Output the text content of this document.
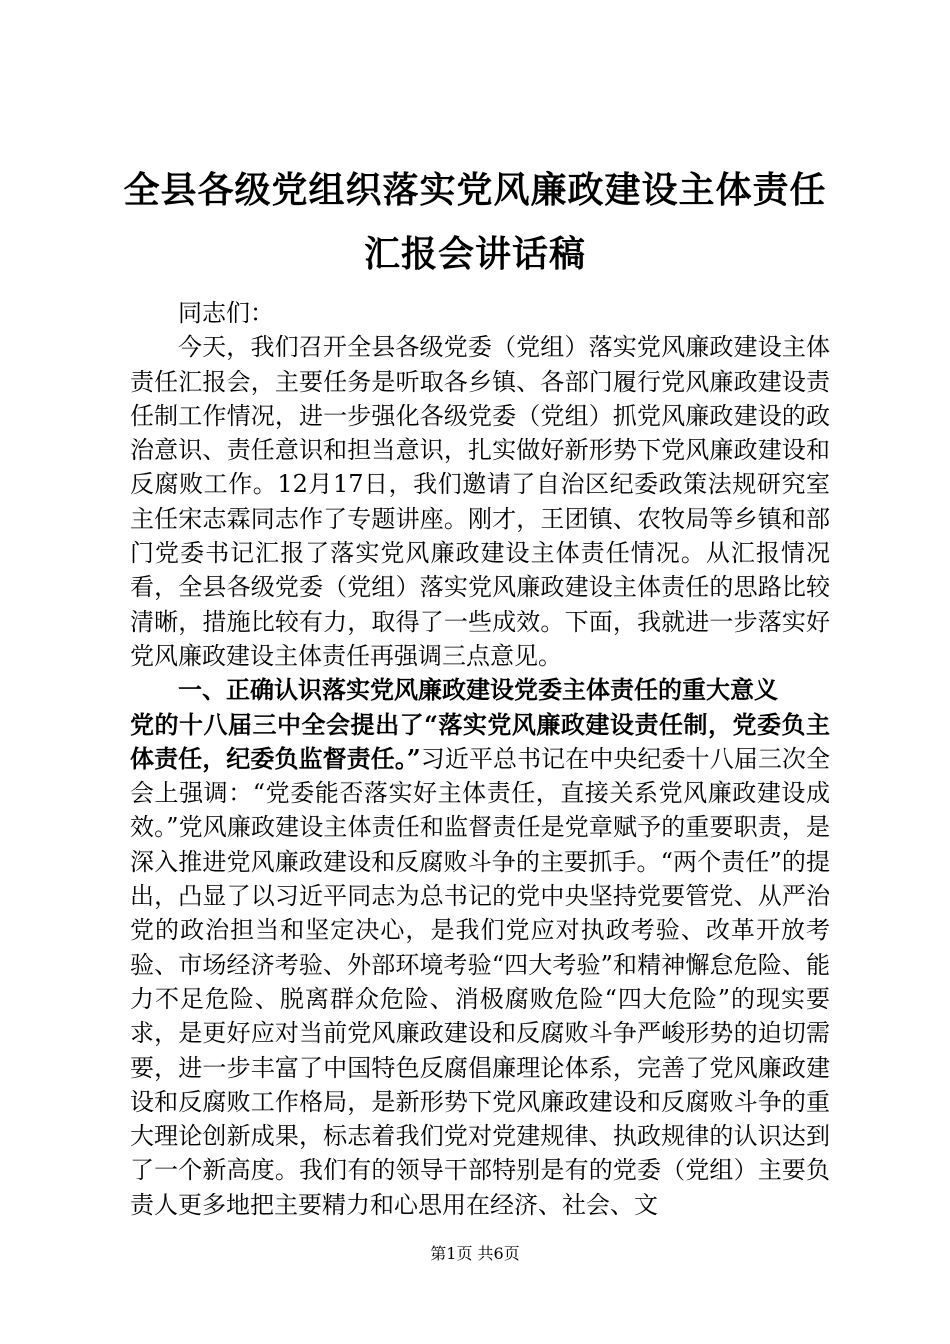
全县各级党组织落实党风廉政建设主体责任汇报会讲话稿

同志们：

今天，我们召开全县各级党委（党组）落实党风廉政建设主体责任汇报会，主要任务是听取各乡镇、各部门履行党风廉政建设责任制工作情况，进一步强化各级党委（党组）抓党风廉政建设的政治意识、责任意识和担当意识，扎实做好新形势下党风廉政建设和反腐败工作。12月17日，我们邀请了自治区纪委政策法规研究室主任宋志霖同志作了专题讲座。刚才，王团镇、农牧局等乡镇和部门党委书记汇报了落实党风廉政建设主体责任情况。从汇报情况看，全县各级党委（党组）落实党风廉政建设主体责任的思路比较清晰，措施比较有力，取得了一些成效。下面，我就进一步落实好党风廉政建设主体责任再强调三点意见。

一、正确认识落实党风廉政建设党委主体责任的重大意义

党的十八届三中全会提出了“落实党风廉政建设责任制，党委负主体责任，纪委负监督责任。”习近平总书记在中央纪委十八届三次全会上强调：“党委能否落实好主体责任，直接关系党风廉政建设成效。”党风廉政建设主体责任和监督责任是党章赋予的重要职责，是深入推进党风廉政建设和反腐败斗争的主要抓手。“两个责任”的提出，凸显了以习近平同志为总书记的党中央坚持党要管党、从严治党的政治担当和坚定决心，是我们党应对执政考验、改革开放考验、市场经济考验、外部环境考验“四大考验”和精神懈怠危险、能力不足危险、脱离群众危险、消极腐败危险“四大危险”的现实要求，是更好应对当前党风廉政建设和反腐败斗争严峻形势的迫切需要，进一步丰富了中国特色反腐倡廉理论体系，完善了党风廉政建设和反腐败工作格局，是新形势下党风廉政建设和反腐败斗争的重大理论创新成果，标志着我们党对党建规律、执政规律的认识达到了一个新高度。我们有的领导干部特别是有的党委（党组）主要负责人更多地把主要精力和心思用在经济、社会、文

第1页 共6页
